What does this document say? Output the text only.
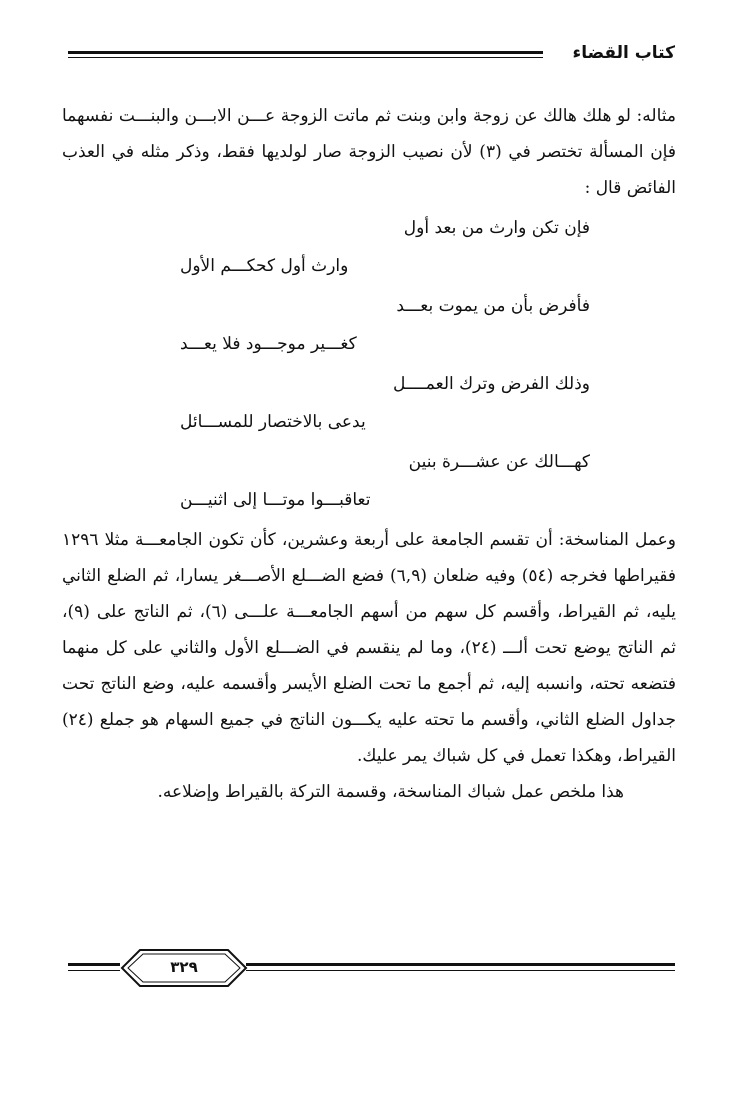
كتاب القضاء

مثاله: لو هلك هالك عن زوجة وابن وبنت ثم ماتت الزوجة عـــن الابـــن والبنـــت نفسهما فإن المسألة تختصر في (٣) لأن نصيب الزوجة صار لولديها فقط، وذكر مثله في العذب الفائض قال :

فإن تكن وارث من بعد أول
وارث أول كحكـــم الأول
فأفرض بأن من يموت بعـــد
كغـــير موجـــود فلا يعـــد
وذلك الفرض وترك العمــــل
يدعى بالاختصار للمســـائل
كهـــالك عن عشـــرة بنين
تعاقبـــوا موتـــا إلى اثنيـــن

وعمل المناسخة: أن تقسم الجامعة على أربعة وعشرين، كأن تكون الجامعـــة مثلا ١٢٩٦ فقيراطها فخرجه (٥٤) وفيه ضلعان (٦,٩) فضع الضـــلع الأصـــغر يسارا، ثم الضلع الثاني يليه، ثم القيراط، وأقسم كل سهم من أسهم الجامعـــة علـــى (٦)، ثم الناتج على (٩)، ثم الناتج يوضع تحت ألـــ (٢٤)، وما لم ينقسم في الضـــلع الأول والثاني على كل منهما فتضعه تحته، وانسبه إليه، ثم أجمع ما تحت الضلع الأيسر وأقسمه عليه، وضع الناتج تحت جداول الضلع الثاني، وأقسم ما تحته عليه يكـــون الناتج في جميع السهام هو جملع (٢٤) القيراط، وهكذا تعمل في كل شباك يمر عليك.

هذا ملخص عمل شباك المناسخة، وقسمة التركة بالقيراط وإضلاعه.

٣٢٩
